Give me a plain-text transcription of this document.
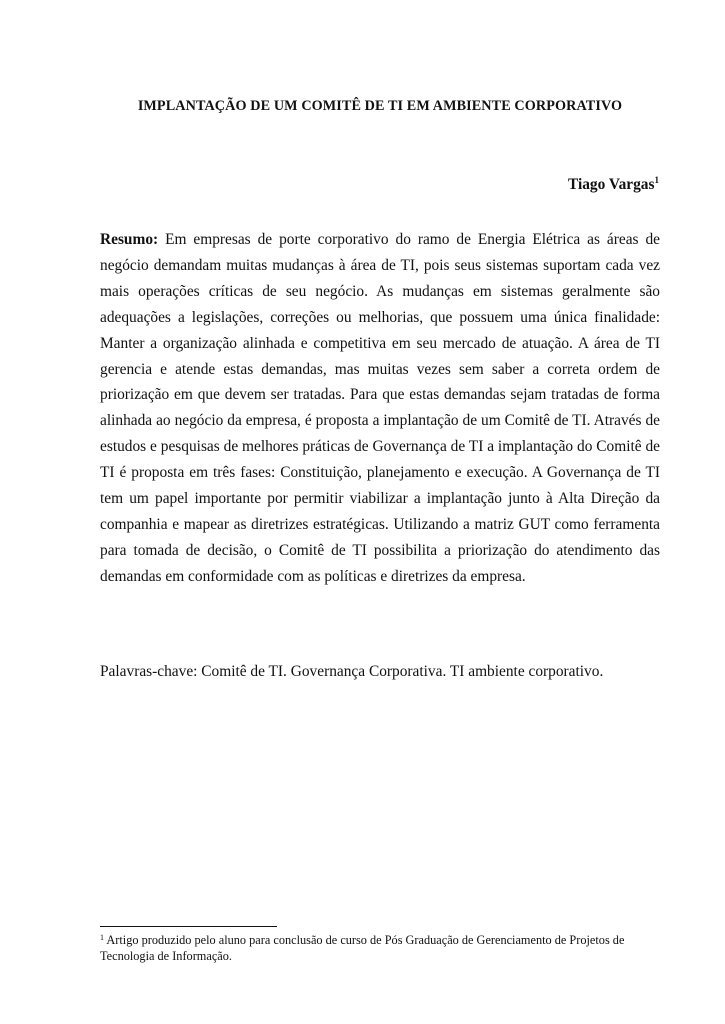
IMPLANTAÇÃO DE UM COMITÊ DE TI EM AMBIENTE CORPORATIVO
Tiago Vargas$^1$

Resumo: Em empresas de porte corporativo do ramo de Energia Elétrica as áreas de negócio demandam muitas mudanças à área de TI, pois seus sistemas suportam cada vez mais operações críticas de seu negócio. As mudanças em sistemas geralmente são adequações a legislações, correções ou melhorias, que possuem uma única finalidade: Manter a organização alinhada e competitiva em seu mercado de atuação. A área de TI gerencia e atende estas demandas, mas muitas vezes sem saber a correta ordem de priorização em que devem ser tratadas. Para que estas demandas sejam tratadas de forma alinhada ao negócio da empresa, é proposta a implantação de um Comitê de TI. Através de estudos e pesquisas de melhores práticas de Governança de TI a implantação do Comitê de TI é proposta em três fases: Constituição, planejamento e execução. A Governança de TI tem um papel importante por permitir viabilizar a implantação junto à Alta Direção da companhia e mapear as diretrizes estratégicas. Utilizando a matriz GUT como ferramenta para tomada de decisão, o Comitê de TI possibilita a priorização do atendimento das demandas em conformidade com as políticas e diretrizes da empresa.

Palavras-chave: Comitê de TI. Governança Corporativa. TI ambiente corporativo.

$^1$ Artigo produzido pelo aluno para conclusão de curso de Pós Graduação de Gerenciamento de Projetos de Tecnologia de Informação.
